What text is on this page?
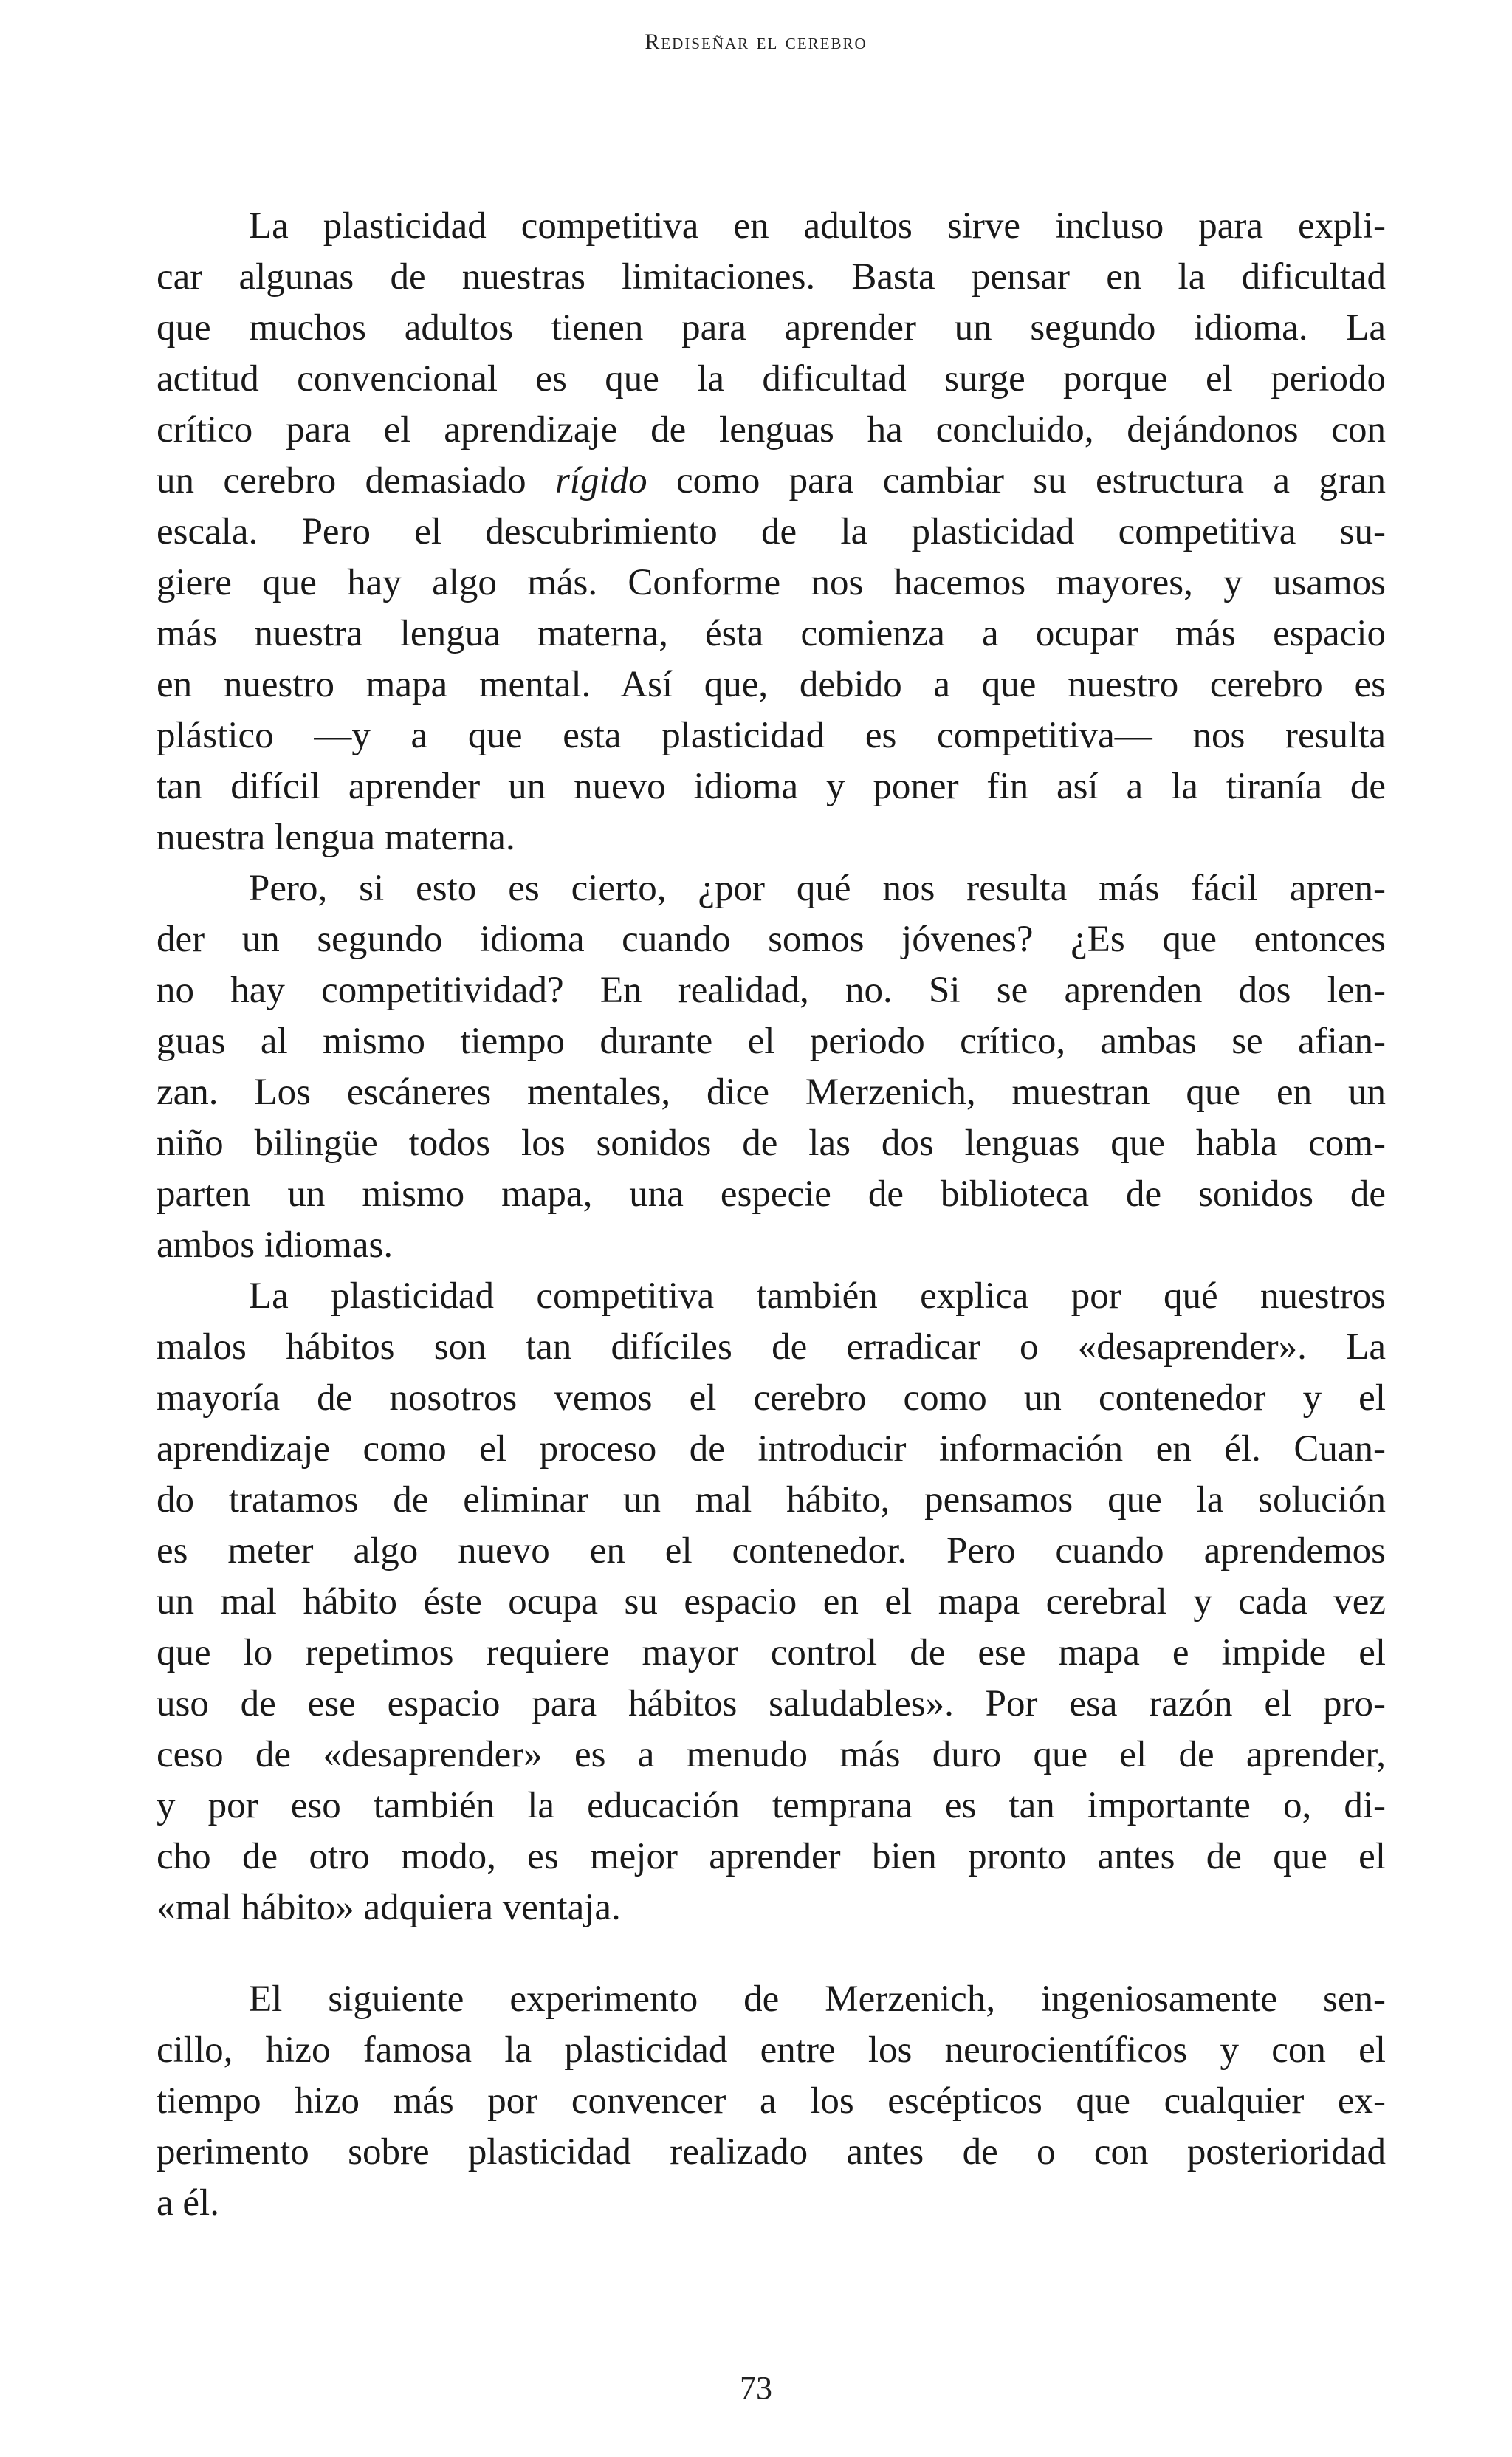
Rediseñar el cerebro
La plasticidad competitiva en adultos sirve incluso para expli-
car algunas de nuestras limitaciones. Basta pensar en la dificultad
que muchos adultos tienen para aprender un segundo idioma. La
actitud convencional es que la dificultad surge porque el periodo
crítico para el aprendizaje de lenguas ha concluido, dejándonos con
un cerebro demasiado rígido como para cambiar su estructura a gran
escala. Pero el descubrimiento de la plasticidad competitiva su-
giere que hay algo más. Conforme nos hacemos mayores, y usamos
más nuestra lengua materna, ésta comienza a ocupar más espacio
en nuestro mapa mental. Así que, debido a que nuestro cerebro es
plástico —y a que esta plasticidad es competitiva— nos resulta
tan difícil aprender un nuevo idioma y poner fin así a la tiranía de
nuestra lengua materna.
Pero, si esto es cierto, ¿por qué nos resulta más fácil apren-
der un segundo idioma cuando somos jóvenes? ¿Es que entonces
no hay competitividad? En realidad, no. Si se aprenden dos len-
guas al mismo tiempo durante el periodo crítico, ambas se afian-
zan. Los escáneres mentales, dice Merzenich, muestran que en un
niño bilingüe todos los sonidos de las dos lenguas que habla com-
parten un mismo mapa, una especie de biblioteca de sonidos de
ambos idiomas.
La plasticidad competitiva también explica por qué nuestros
malos hábitos son tan difíciles de erradicar o «desaprender». La
mayoría de nosotros vemos el cerebro como un contenedor y el
aprendizaje como el proceso de introducir información en él. Cuan-
do tratamos de eliminar un mal hábito, pensamos que la solución
es meter algo nuevo en el contenedor. Pero cuando aprendemos
un mal hábito éste ocupa su espacio en el mapa cerebral y cada vez
que lo repetimos requiere mayor control de ese mapa e impide el
uso de ese espacio para hábitos saludables». Por esa razón el pro-
ceso de «desaprender» es a menudo más duro que el de aprender,
y por eso también la educación temprana es tan importante o, di-
cho de otro modo, es mejor aprender bien pronto antes de que el
«mal hábito» adquiera ventaja.
El siguiente experimento de Merzenich, ingeniosamente sen-
cillo, hizo famosa la plasticidad entre los neurocientíficos y con el
tiempo hizo más por convencer a los escépticos que cualquier ex-
perimento sobre plasticidad realizado antes de o con posterioridad
a él.
73
